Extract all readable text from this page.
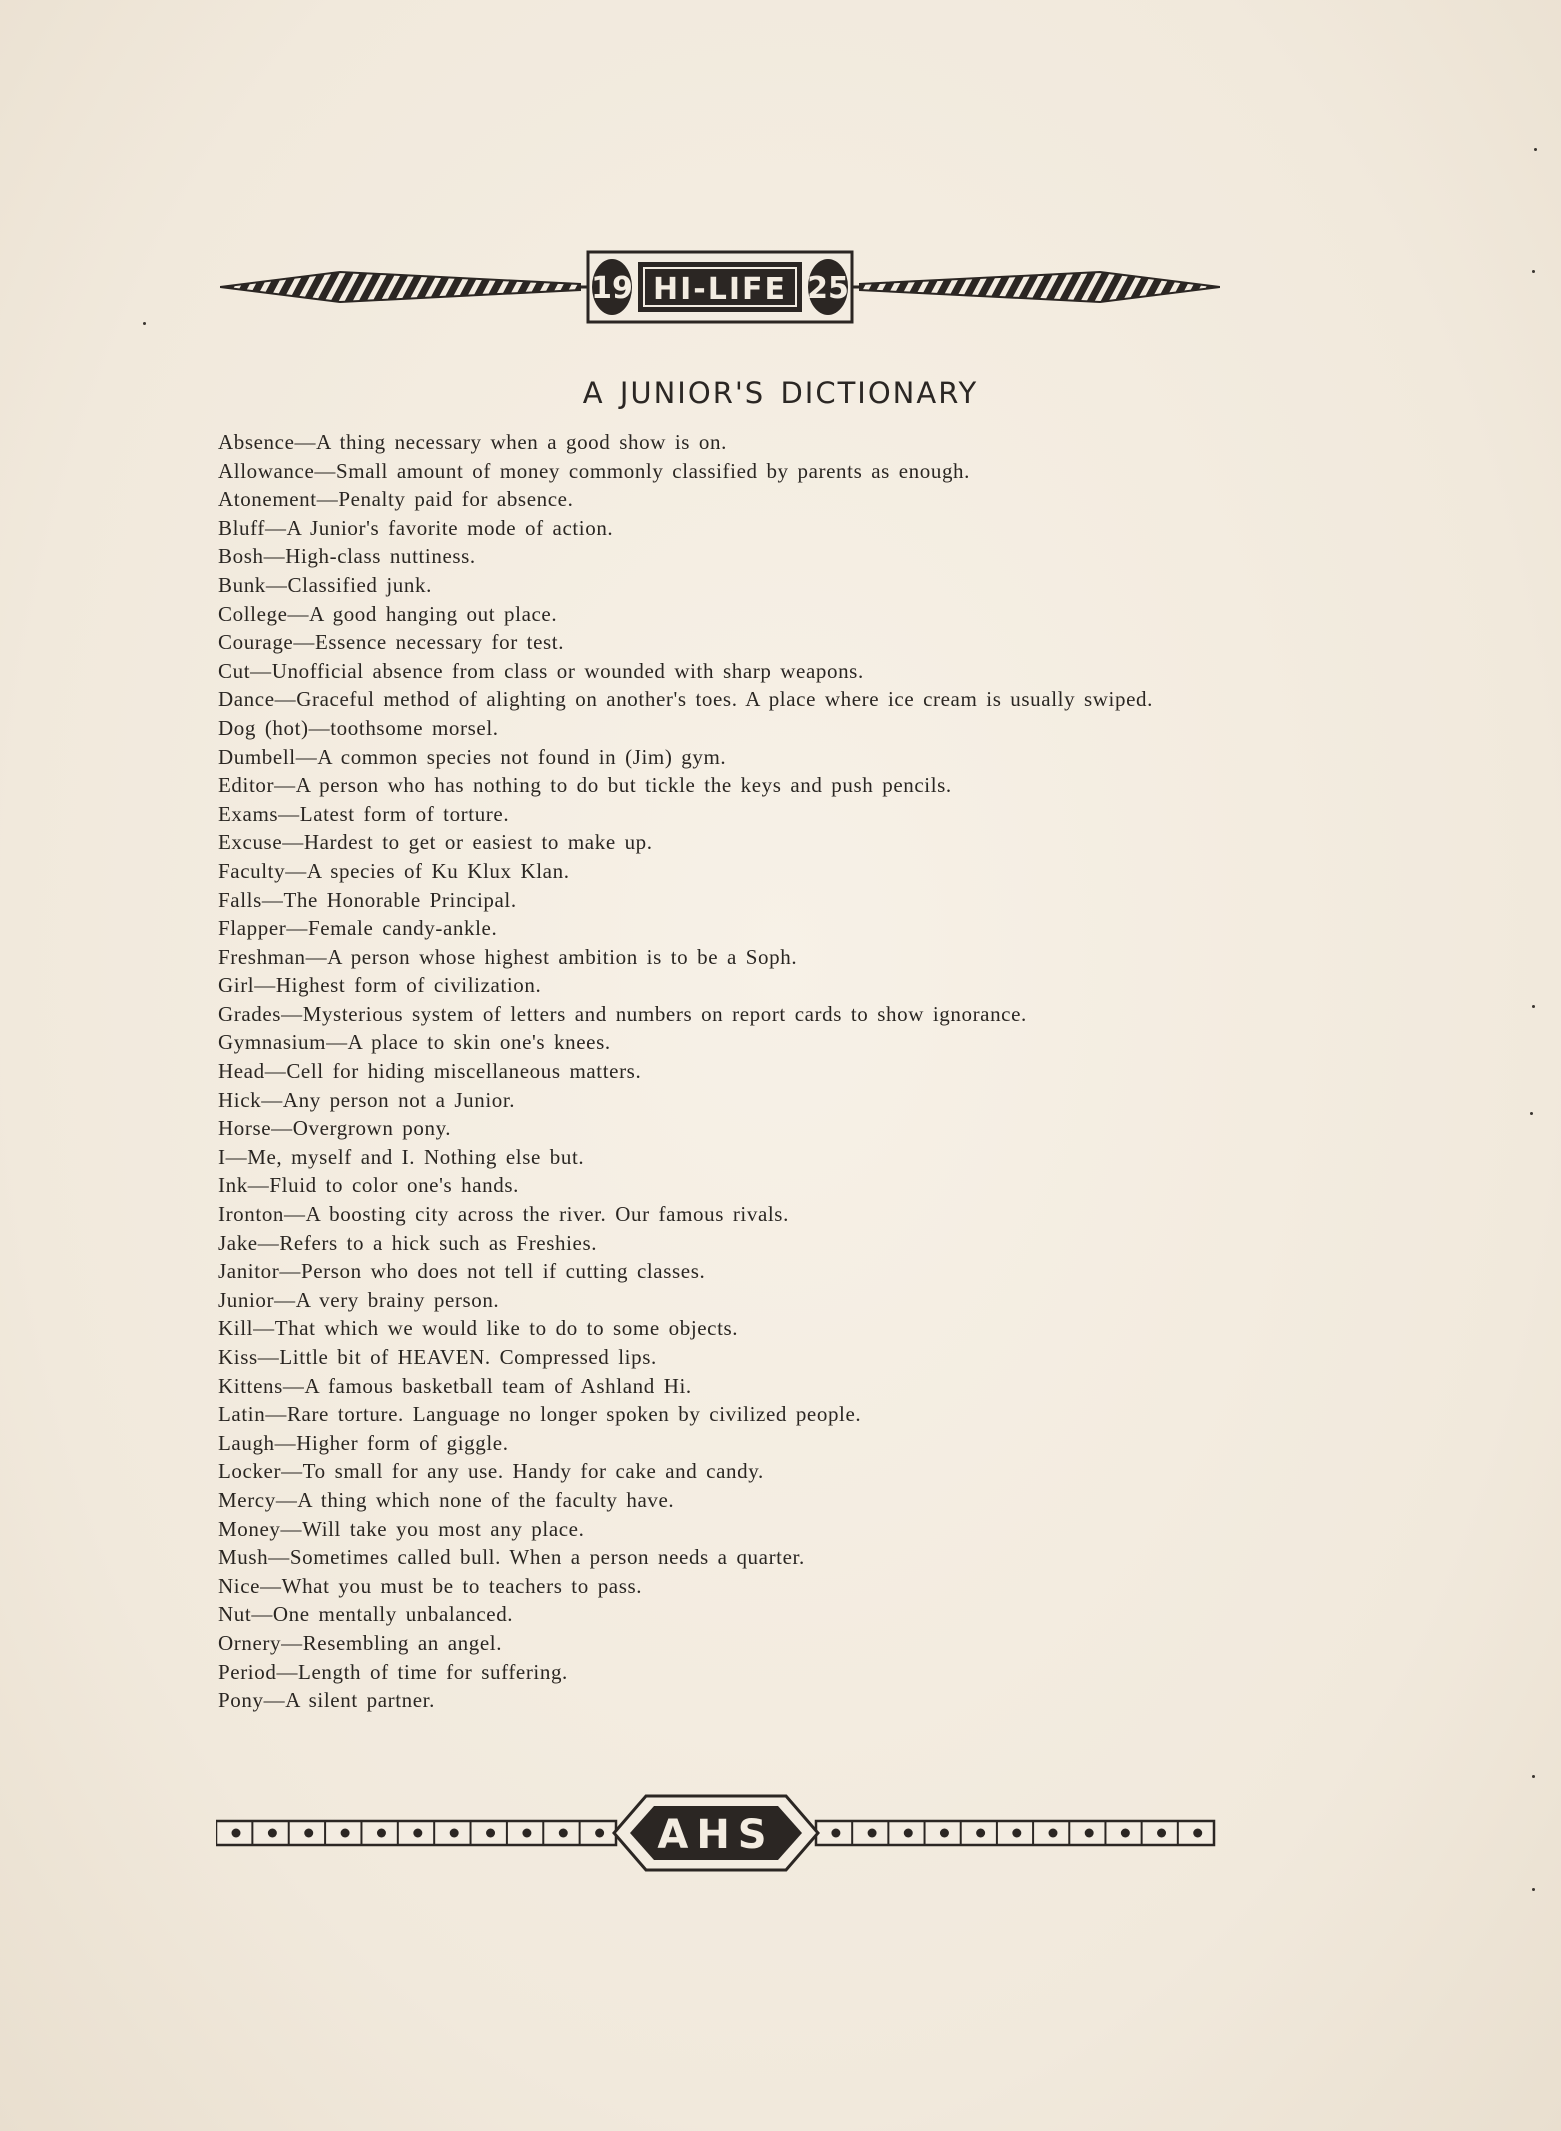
19	25
HI-LIFE
A JUNIOR'S DICTIONARY
Absence — A thing necessary when a good show is on.
Allowance — Small amount of money commonly classified by parents as enough.
Atonement — Penalty paid for absence.
Bluff — A Junior's favorite mode of action.
Bosh — High-class nuttiness.
Bunk — Classified junk.
College — A good hanging out place.
Courage — Essence necessary for test.
Cut — Unofficial absence from class or wounded with sharp weapons.
Dance — Graceful method of alighting on another's toes. A place where ice cream is usually swiped.
Dog (hot) — toothsome morsel.
Dumbell — A common species not found in (Jim) gym.
Editor — A person who has nothing to do but tickle the keys and push pencils.
Exams — Latest form of torture.
Excuse — Hardest to get or easiest to make up.
Faculty — A species of Ku Klux Klan.
Falls — The Honorable Principal.
Flapper — Female candy-ankle.
Freshman — A person whose highest ambition is to be a Soph.
Girl — Highest form of civilization.
Grades — Mysterious system of letters and numbers on report cards to show ignorance.
Gymnasium — A place to skin one's knees.
Head — Cell for hiding miscellaneous matters.
Hick — Any person not a Junior.
Horse — Overgrown pony.
I — Me, myself and I. Nothing else but.
Ink — Fluid to color one's hands.
Ironton — A boosting city across the river. Our famous rivals.
Jake — Refers to a hick such as Freshies.
Janitor — Person who does not tell if cutting classes.
Junior — A very brainy person.
Kill — That which we would like to do to some objects.
Kiss — Little bit of HEAVEN. Compressed lips.
Kittens — A famous basketball team of Ashland Hi.
Latin — Rare torture. Language no longer spoken by civilized people.
Laugh — Higher form of giggle.
Locker — To small for any use. Handy for cake and candy.
Mercy — A thing which none of the faculty have.
Money — Will take you most any place.
Mush — Sometimes called bull. When a person needs a quarter.
Nice — What you must be to teachers to pass.
Nut — One mentally unbalanced.
Ornery — Resembling an angel.
Period — Length of time for suffering.
Pony — A silent partner.
AHS
